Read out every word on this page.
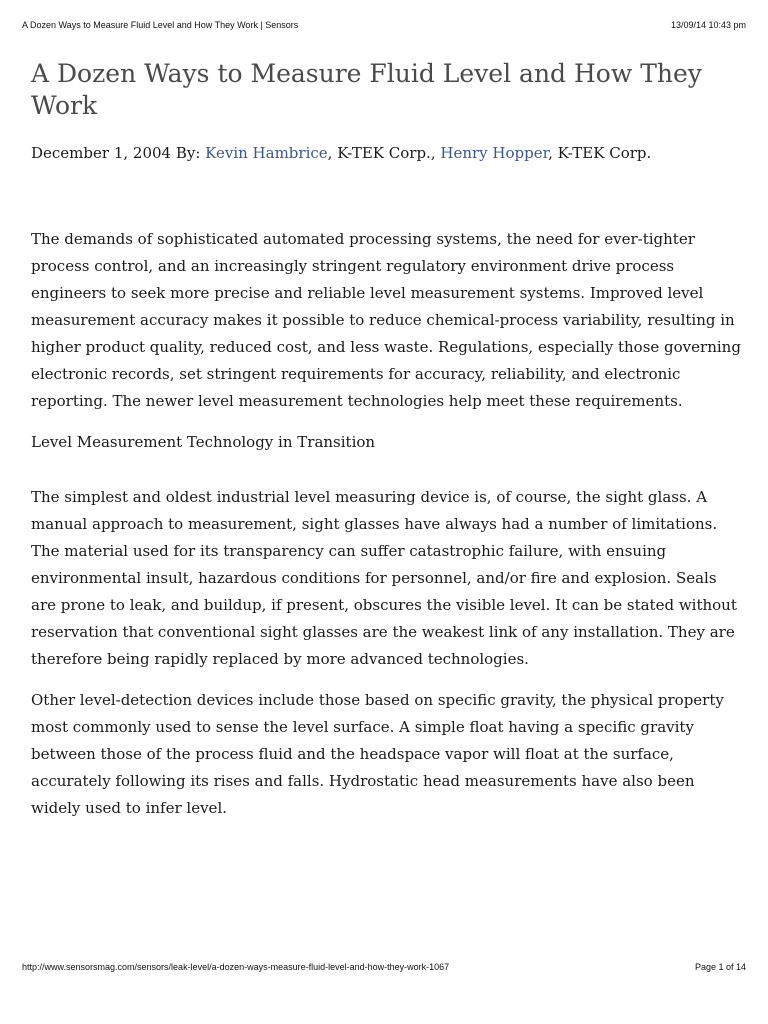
A Dozen Ways to Measure Fluid Level and How They Work | Sensors	13/09/14 10:43 pm
A Dozen Ways to Measure Fluid Level and How They Work

December 1, 2004 By: Kevin Hambrice, K-TEK Corp., Henry Hopper, K-TEK Corp.

The demands of sophisticated automated processing systems, the need for ever-tighter process control, and an increasingly stringent regulatory environment drive process engineers to seek more precise and reliable level measurement systems. Improved level measurement accuracy makes it possible to reduce chemical-process variability, resulting in higher product quality, reduced cost, and less waste. Regulations, especially those governing electronic records, set stringent requirements for accuracy, reliability, and electronic reporting. The newer level measurement technologies help meet these requirements.

Level Measurement Technology in Transition

The simplest and oldest industrial level measuring device is, of course, the sight glass. A manual approach to measurement, sight glasses have always had a number of limitations. The material used for its transparency can suffer catastrophic failure, with ensuing environmental insult, hazardous conditions for personnel, and/or fire and explosion. Seals are prone to leak, and buildup, if present, obscures the visible level. It can be stated without reservation that conventional sight glasses are the weakest link of any installation. They are therefore being rapidly replaced by more advanced technologies.

Other level-detection devices include those based on specific gravity, the physical property most commonly used to sense the level surface. A simple float having a specific gravity between those of the process fluid and the headspace vapor will float at the surface, accurately following its rises and falls. Hydrostatic head measurements have also been widely used to infer level.

http://www.sensorsmag.com/sensors/leak-level/a-dozen-ways-measure-fluid-level-and-how-they-work-1067	Page 1 of 14
